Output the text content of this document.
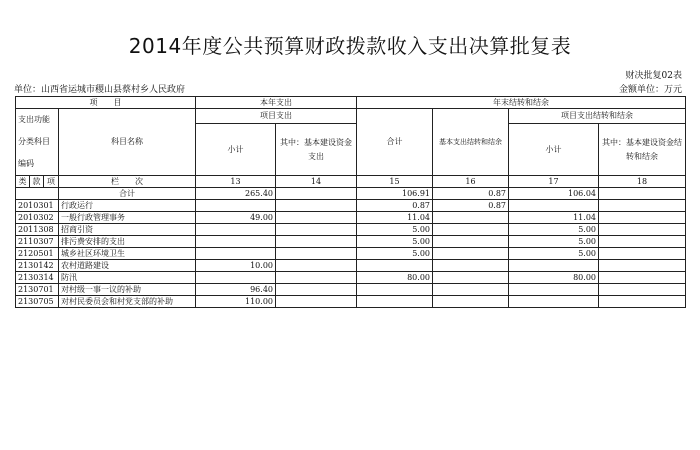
2014年度公共预算财政拨款收入支出决算批复表
财决批复02表
单位：山西省运城市稷山县蔡村乡人民政府	金额单位：万元
项　　目				本年支出		年末结转和结余			
支出功能分类科目编码			科目名称	项目支出		合计	基本支出结转和结余	项目支出结转和结余	
				小计	其中：基本建设资金支出			小计	其中：基本建设资金结转和结余
类	款	项	栏　　次	13	14	15	16	17	18
			合计	265.40		106.91	0.87	106.04	
2010301			行政运行			0.87	0.87		
2010302			一般行政管理事务	49.00		11.04		11.04	
2011308			招商引资			5.00		5.00	
2110307			排污费安排的支出			5.00		5.00	
2120501			城乡社区环境卫生			5.00		5.00	
2130142			农村道路建设	10.00					
2130314			防汛			80.00		80.00	
2130701			对村级一事一议的补助	96.40					
2130705			对村民委员会和村党支部的补助	110.00					
